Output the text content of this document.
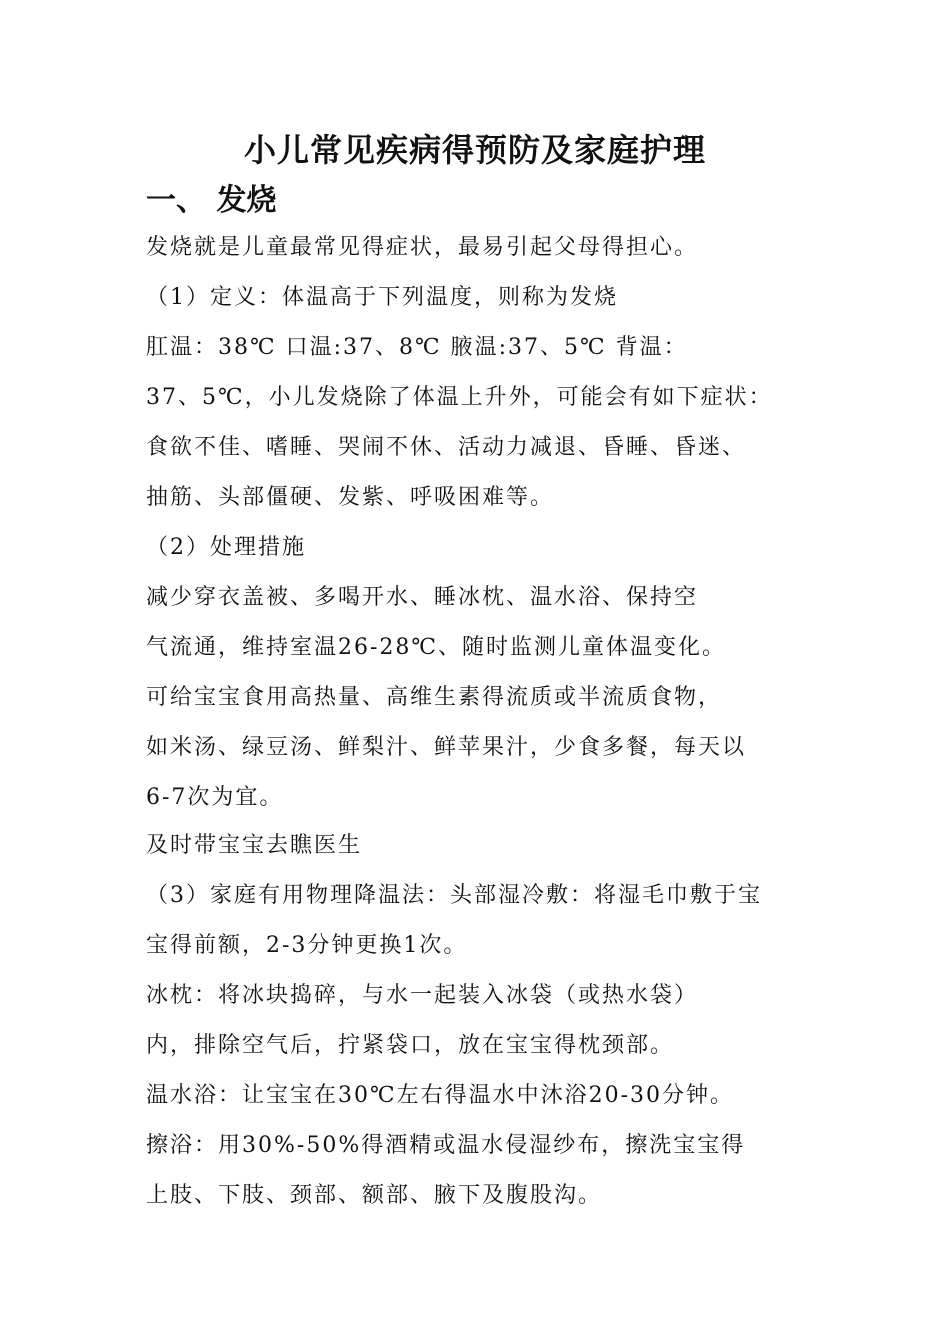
小儿常见疾病得预防及家庭护理
一、 发烧
发烧就是儿童最常见得症状，最易引起父母得担心。
（1）定义：体温高于下列温度，则称为发烧
肛温：38℃ 口温:37、8℃ 腋温:37、5℃ 背温：
37、5℃，小儿发烧除了体温上升外，可能会有如下症状：
食欲不佳、嗜睡、哭闹不休、活动力减退、昏睡、昏迷、
抽筋、头部僵硬、发紫、呼吸困难等。
（2）处理措施
减少穿衣盖被、多喝开水、睡冰枕、温水浴、保持空
气流通，维持室温26-28℃、随时监测儿童体温变化。
可给宝宝食用高热量、高维生素得流质或半流质食物，
如米汤、绿豆汤、鲜梨汁、鲜苹果汁，少食多餐，每天以
6-7次为宜。
及时带宝宝去瞧医生
（3）家庭有用物理降温法：头部湿冷敷：将湿毛巾敷于宝
宝得前额，2-3分钟更换1次。
冰枕：将冰块捣碎，与水一起装入冰袋（或热水袋）
内，排除空气后，拧紧袋口，放在宝宝得枕颈部。
温水浴：让宝宝在30℃左右得温水中沐浴20-30分钟。
擦浴：用30%-50%得酒精或温水侵湿纱布，擦洗宝宝得
上肢、下肢、颈部、额部、腋下及腹股沟。
